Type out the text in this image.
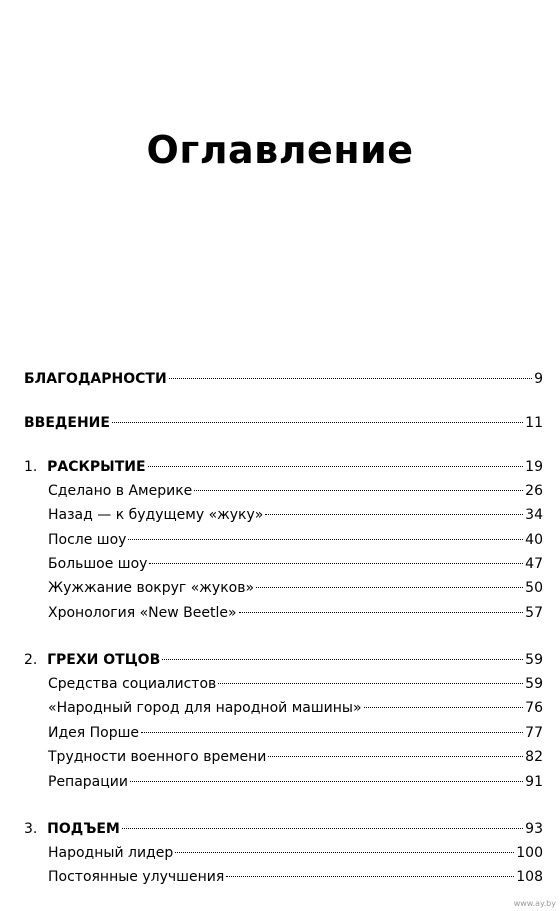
Оглавление
БЛАГОДАРНОСТИ	9
ВВЕДЕНИЕ	11
1. РАСКРЫТИЕ	19
Сделано в Америке	26
Назад — к будущему «жуку»	34
После шоу	40
Большое шоу	47
Жужжание вокруг «жуков»	50
Хронология «New Beetle»	57
2. ГРЕХИ ОТЦОВ	59
Средства социалистов	59
«Народный город для народной машины»	76
Идея Порше	77
Трудности военного времени	82
Репарации	91
3. ПОДЪЕМ	93
Народный лидер	100
Постоянные улучшения	108
www.ay.by
